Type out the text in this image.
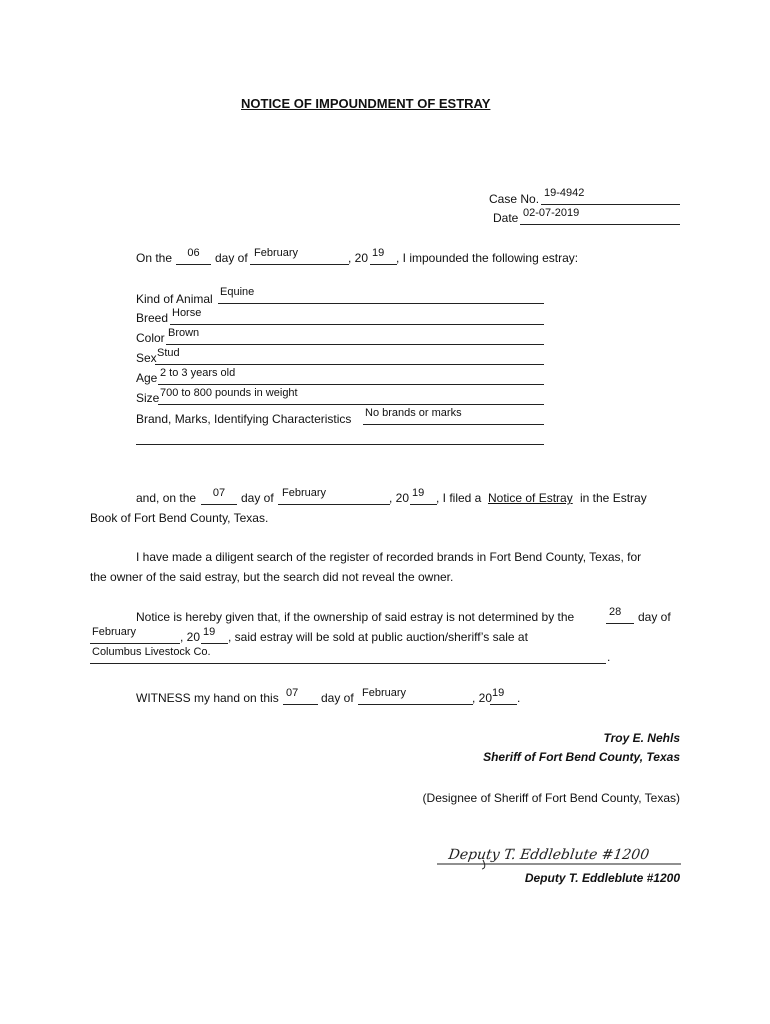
NOTICE OF IMPOUNDMENT OF ESTRAY
Case No. 19-4942
Date 02-07-2019
On the	06	day of February	, 20 19 , I impounded the following estray:
Kind of Animal Equine
Breed Horse
Color Brown
Sex Stud
Age 2 to 3 years old
Size 700 to 800 pounds in weight
Brand, Marks, Identifying Characteristics No brands or marks
and, on the	07	day of February	, 20 19 , I filed a Notice of Estray in the Estray
Book of Fort Bend County, Texas.
I have made a diligent search of the register of recorded brands in Fort Bend County, Texas, for
the owner of the said estray, but the search did not reveal the owner.
Notice is hereby given that, if the ownership of said estray is not determined by the	28 day of
February	, 20 19 , said estray will be sold at public auction/sheriff’s sale at
Columbus Livestock Co.	.
WITNESS my hand on this 07 day of February	, 20 19 .
Troy E. Nehls
Sheriff of Fort Bend County, Texas
(Designee of Sheriff of Fort Bend County, Texas)
Deputy T. Eddleblute #1200
Deputy T. Eddleblute #1200
